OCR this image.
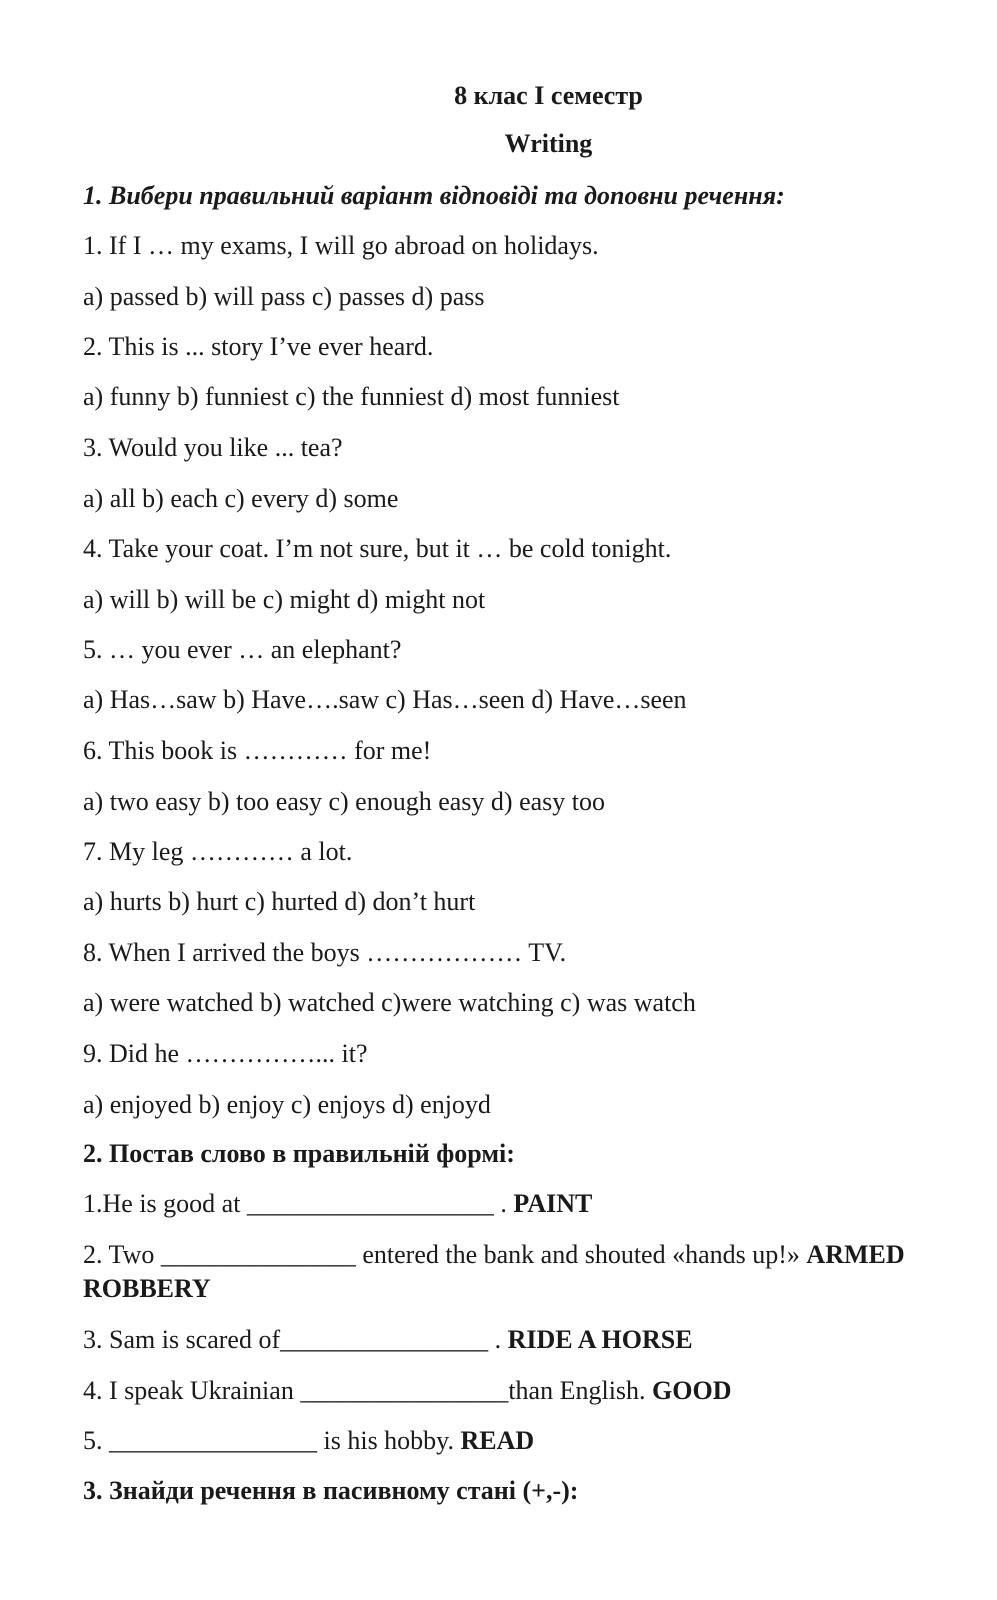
8 клас I семестр
Writing
1. Вибери правильний варіант відповіді та доповни речення:
1. If I … my exams, I will go abroad on holidays.
a) passed b) will pass c) passes d) pass
2. This is ... story I’ve ever heard.
a) funny b) funniest c) the funniest d) most funniest
3. Would you like ... tea?
a) all b) each c) every d) some
4. Take your coat. I’m not sure, but it … be cold tonight.
a) will b) will be c) might d) might not
5. … you ever … an elephant?
a) Has…saw b) Have….saw c) Has…seen d) Have…seen
6. This book is ………… for me!
a) two easy b) too easy c) enough easy d) easy too
7. My leg ………… a lot.
a) hurts b) hurt c) hurted d) don’t hurt
8. When I arrived the boys ……………… TV.
a) were watched b) watched c)were watching c) was watch
9. Did he ……………... it?
a) enjoyed b) enjoy c) enjoys d) enjoyd
2. Постав слово в правильній формі:
1.He is good at ___________________ . PAINT
2. Two _______________ entered the bank and shouted «hands up!» ARMED
ROBBERY
3. Sam is scared of________________ . RIDE A HORSE
4. I speak Ukrainian ________________than English. GOOD
5. ________________ is his hobby. READ
3. Знайди речення в пасивному стані (+,-):
